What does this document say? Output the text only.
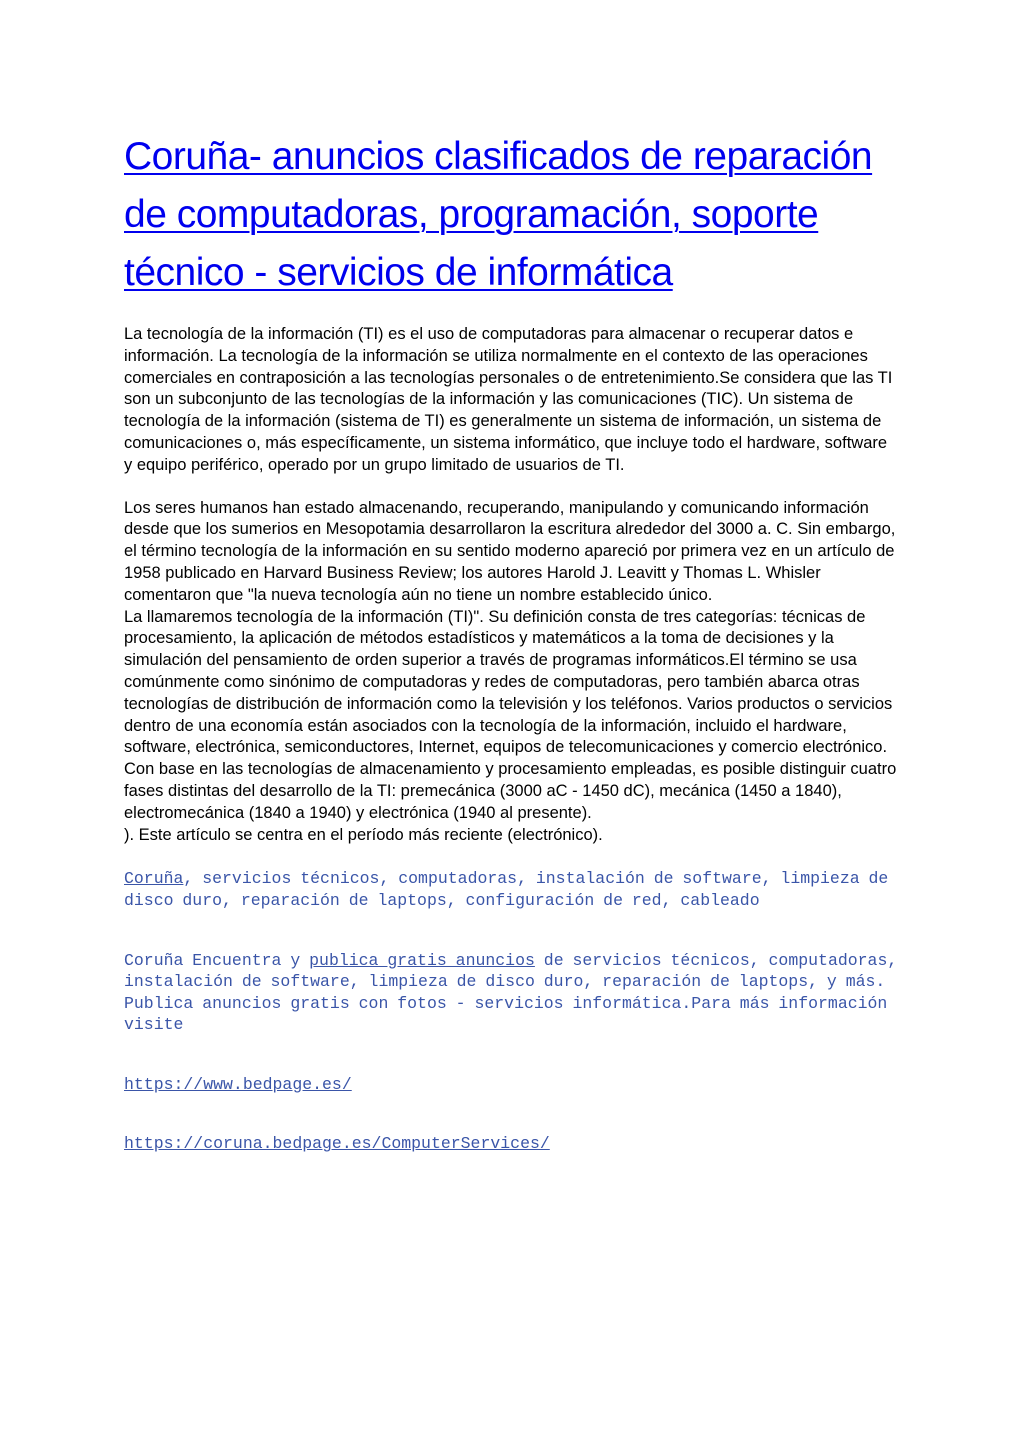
Coruña- anuncios clasificados de reparación de computadoras, programación, soporte técnico - servicios de informática

La tecnología de la información (TI) es el uso de computadoras para almacenar o recuperar datos e información. La tecnología de la información se utiliza normalmente en el contexto de las operaciones comerciales en contraposición a las tecnologías personales o de entretenimiento.Se considera que las TI son un subconjunto de las tecnologías de la información y las comunicaciones (TIC). Un sistema de tecnología de la información (sistema de TI) es generalmente un sistema de información, un sistema de comunicaciones o, más específicamente, un sistema informático, que incluye todo el hardware, software y equipo periférico, operado por un grupo limitado de usuarios de TI.

Los seres humanos han estado almacenando, recuperando, manipulando y comunicando información desde que los sumerios en Mesopotamia desarrollaron la escritura alrededor del 3000 a. C. Sin embargo, el término tecnología de la información en su sentido moderno apareció por primera vez en un artículo de 1958 publicado en Harvard Business Review; los autores Harold J. Leavitt y Thomas L. Whisler comentaron que "la nueva tecnología aún no tiene un nombre establecido único.

La llamaremos tecnología de la información (TI)". Su definición consta de tres categorías: técnicas de procesamiento, la aplicación de métodos estadísticos y matemáticos a la toma de decisiones y la simulación del pensamiento de orden superior a través de programas informáticos.El término se usa comúnmente como sinónimo de computadoras y redes de computadoras, pero también abarca otras tecnologías de distribución de información como la televisión y los teléfonos. Varios productos o servicios dentro de una economía están asociados con la tecnología de la información, incluido el hardware, software, electrónica, semiconductores, Internet, equipos de telecomunicaciones y comercio electrónico.

Con base en las tecnologías de almacenamiento y procesamiento empleadas, es posible distinguir cuatro fases distintas del desarrollo de la TI: premecánica (3000 aC - 1450 dC), mecánica (1450 a 1840), electromecánica (1840 a 1940) y electrónica (1940 al presente).

). Este artículo se centra en el período más reciente (electrónico).

Coruña, servicios técnicos, computadoras, instalación de software, limpieza de disco duro, reparación de laptops, configuración de red, cableado

Coruña Encuentra y publica gratis anuncios de servicios técnicos, computadoras, instalación de software, limpieza de disco duro, reparación de laptops, y más. Publica anuncios gratis con fotos - servicios informática.Para más información visite

https://www.bedpage.es/

https://coruna.bedpage.es/ComputerServices/
